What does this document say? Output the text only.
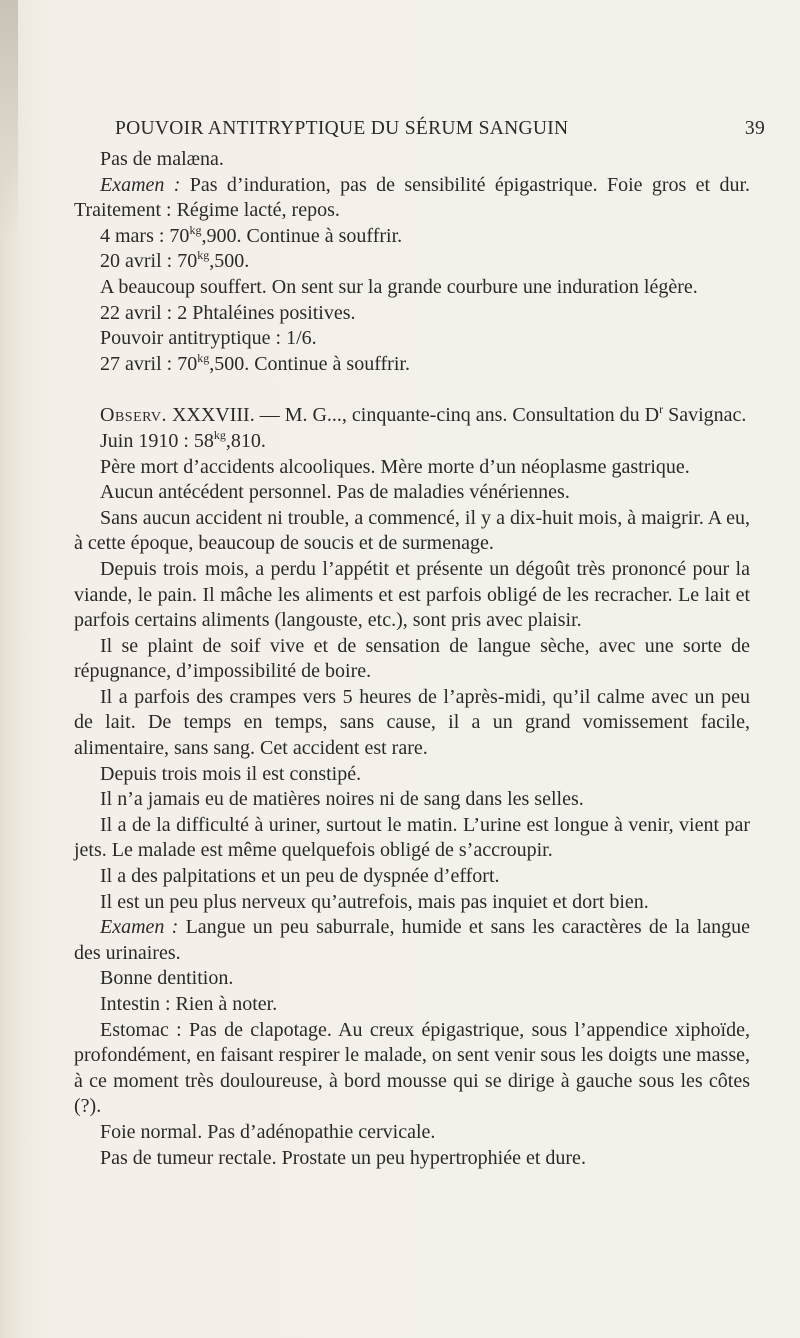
POUVOIR ANTITRYPTIQUE DU SÉRUM SANGUIN	39

Pas de malæna.

Examen : Pas d’induration, pas de sensibilité épigastrique. Foie gros et dur. Traitement : Régime lacté, repos.

4 mars : $70^{kg},900$. Continue à souffrir.

20 avril : $70^{kg},500$.

A beaucoup souffert. On sent sur la grande courbure une induration légère.

22 avril : 2 Phtaléines positives.

Pouvoir antitryptique : 1/6.

27 avril : $70^{kg},500$. Continue à souffrir.

Observ. XXXVIII. — M. G..., cinquante-cinq ans. Consultation du $D^r$ Savignac.

Juin 1910 : $58^{kg},810$.

Père mort d’accidents alcooliques. Mère morte d’un néoplasme gastrique.

Aucun antécédent personnel. Pas de maladies vénériennes.

Sans aucun accident ni trouble, a commencé, il y a dix-huit mois, à maigrir. A eu, à cette époque, beaucoup de soucis et de surmenage.

Depuis trois mois, a perdu l’appétit et présente un dégoût très prononcé pour la viande, le pain. Il mâche les aliments et est parfois obligé de les recracher. Le lait et parfois certains aliments (langouste, etc.), sont pris avec plaisir.

Il se plaint de soif vive et de sensation de langue sèche, avec une sorte de répugnance, d’impossibilité de boire.

Il a parfois des crampes vers 5 heures de l’après-midi, qu’il calme avec un peu de lait. De temps en temps, sans cause, il a un grand vomissement facile, alimentaire, sans sang. Cet accident est rare.

Depuis trois mois il est constipé.

Il n’a jamais eu de matières noires ni de sang dans les selles.

Il a de la difficulté à uriner, surtout le matin. L’urine est longue à venir, vient par jets. Le malade est même quelquefois obligé de s’accroupir.

Il a des palpitations et un peu de dyspnée d’effort.

Il est un peu plus nerveux qu’autrefois, mais pas inquiet et dort bien.

Examen : Langue un peu saburrale, humide et sans les caractères de la langue des urinaires.

Bonne dentition.

Intestin : Rien à noter.

Estomac : Pas de clapotage. Au creux épigastrique, sous l’appendice xiphoïde, profondément, en faisant respirer le malade, on sent venir sous les doigts une masse, à ce moment très douloureuse, à bord mousse qui se dirige à gauche sous les côtes (?).

Foie normal. Pas d’adénopathie cervicale.

Pas de tumeur rectale. Prostate un peu hypertrophiée et dure.
